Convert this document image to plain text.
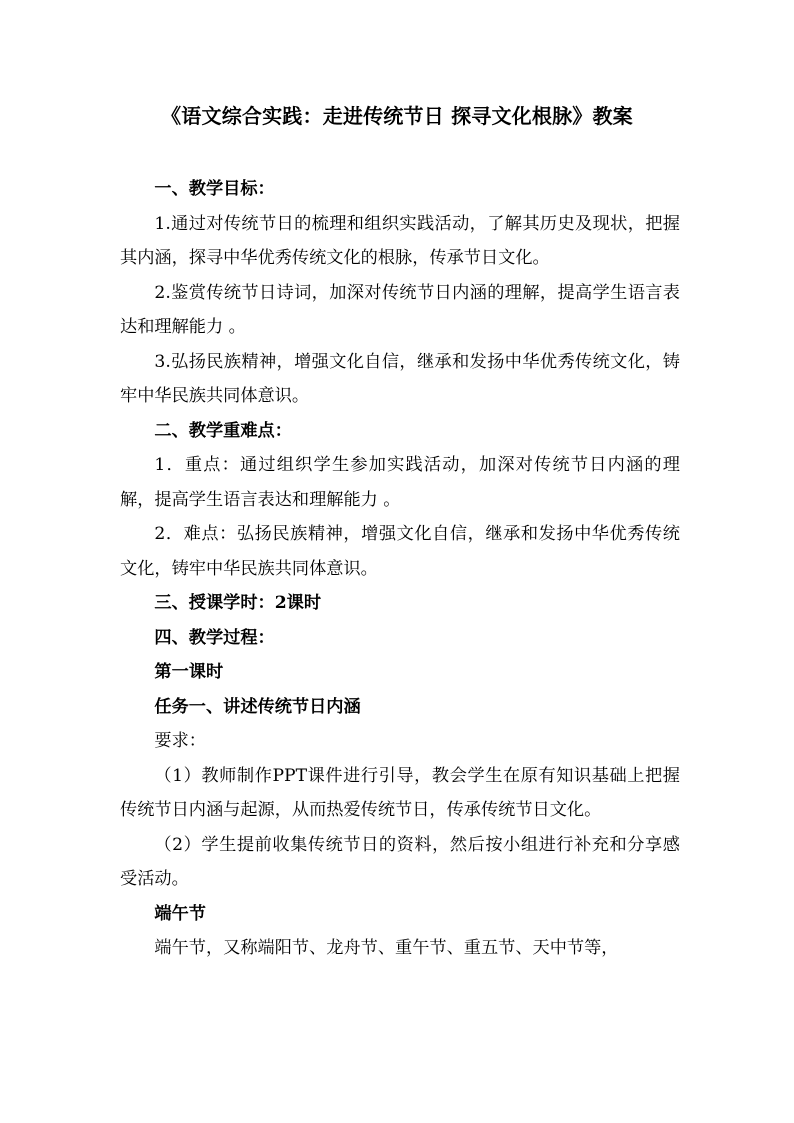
《语文综合实践：走进传统节日 探寻文化根脉》教案

一、教学目标：

1.通过对传统节日的梳理和组织实践活动，了解其历史及现状，把握其内涵，探寻中华优秀传统文化的根脉，传承节日文化。

2.鉴赏传统节日诗词，加深对传统节日内涵的理解，提高学生语言表达和理解能力 。

3.弘扬民族精神，增强文化自信，继承和发扬中华优秀传统文化，铸牢中华民族共同体意识。

二、教学重难点：

1．重点：通过组织学生参加实践活动，加深对传统节日内涵的理解，提高学生语言表达和理解能力 。

2．难点：弘扬民族精神，增强文化自信，继承和发扬中华优秀传统文化，铸牢中华民族共同体意识。

三、授课学时：2课时

四、教学过程：

第一课时

任务一、讲述传统节日内涵

要求：

（1）教师制作PPT课件进行引导，教会学生在原有知识基础上把握传统节日内涵与起源，从而热爱传统节日，传承传统节日文化。

（2）学生提前收集传统节日的资料，然后按小组进行补充和分享感受活动。

端午节

端午节，又称端阳节、龙舟节、重午节、重五节、天中节等，
